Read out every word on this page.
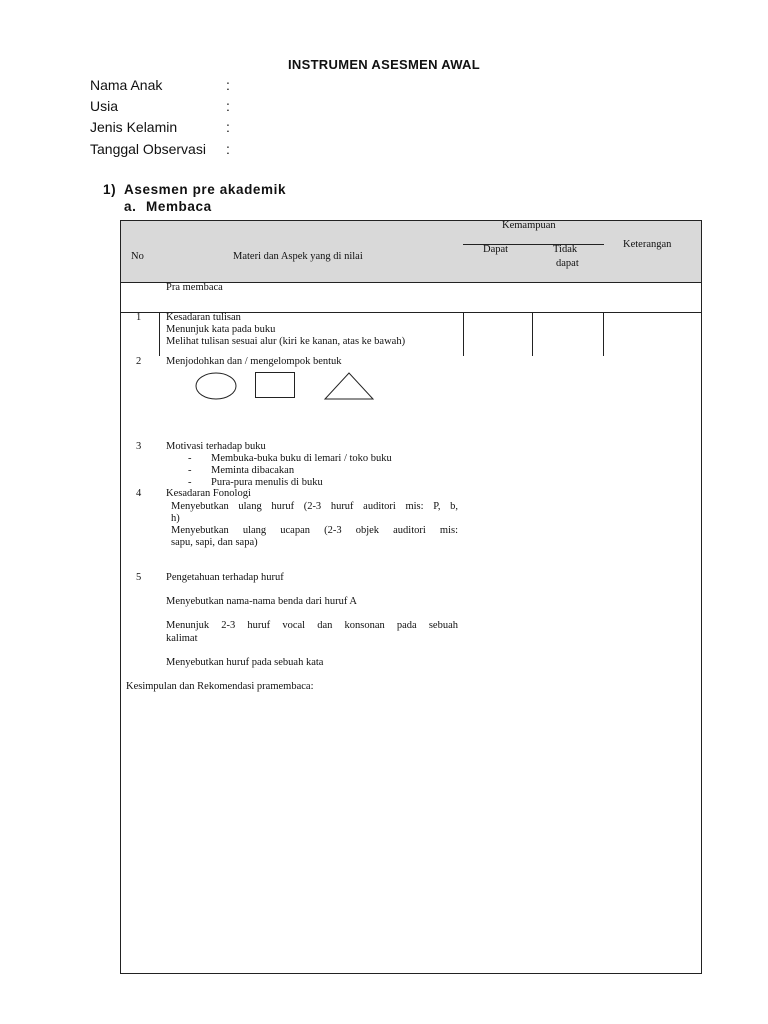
INSTRUMEN ASESMEN AWAL
Nama Anak	:
Usia	:
Jenis Kelamin	:
Tanggal Observasi :
1) Asesmen pre akademik
a. Membaca
No	Materi dan Aspek yang di nilai
Kemampuan
Dapat	Tidak
dapat
Keterangan
Pra membaca
1 Kesadaran tulisan
Menunjuk kata pada buku
Melihat tulisan sesuai alur (kiri ke kanan, atas ke bawah)
2 Menjodohkan dan / mengelompok bentuk
3 Motivasi terhadap buku
- Membuka-buka buku di lemari / toko buku
- Meminta dibacakan
- Pura-pura menulis di buku
4 Kesadaran Fonologi
Menyebutkan ulang huruf (2-3 huruf auditori mis: P, b,
h)
Menyebutkan ulang ucapan (2-3 objek auditori mis:
sapu, sapi, dan sapa)
5 Pengetahuan terhadap huruf
Menyebutkan nama-nama benda dari huruf A
Menunjuk 2-3 huruf vocal dan konsonan pada sebuah
kalimat
Menyebutkan huruf pada sebuah kata
Kesimpulan dan Rekomendasi pramembaca:
